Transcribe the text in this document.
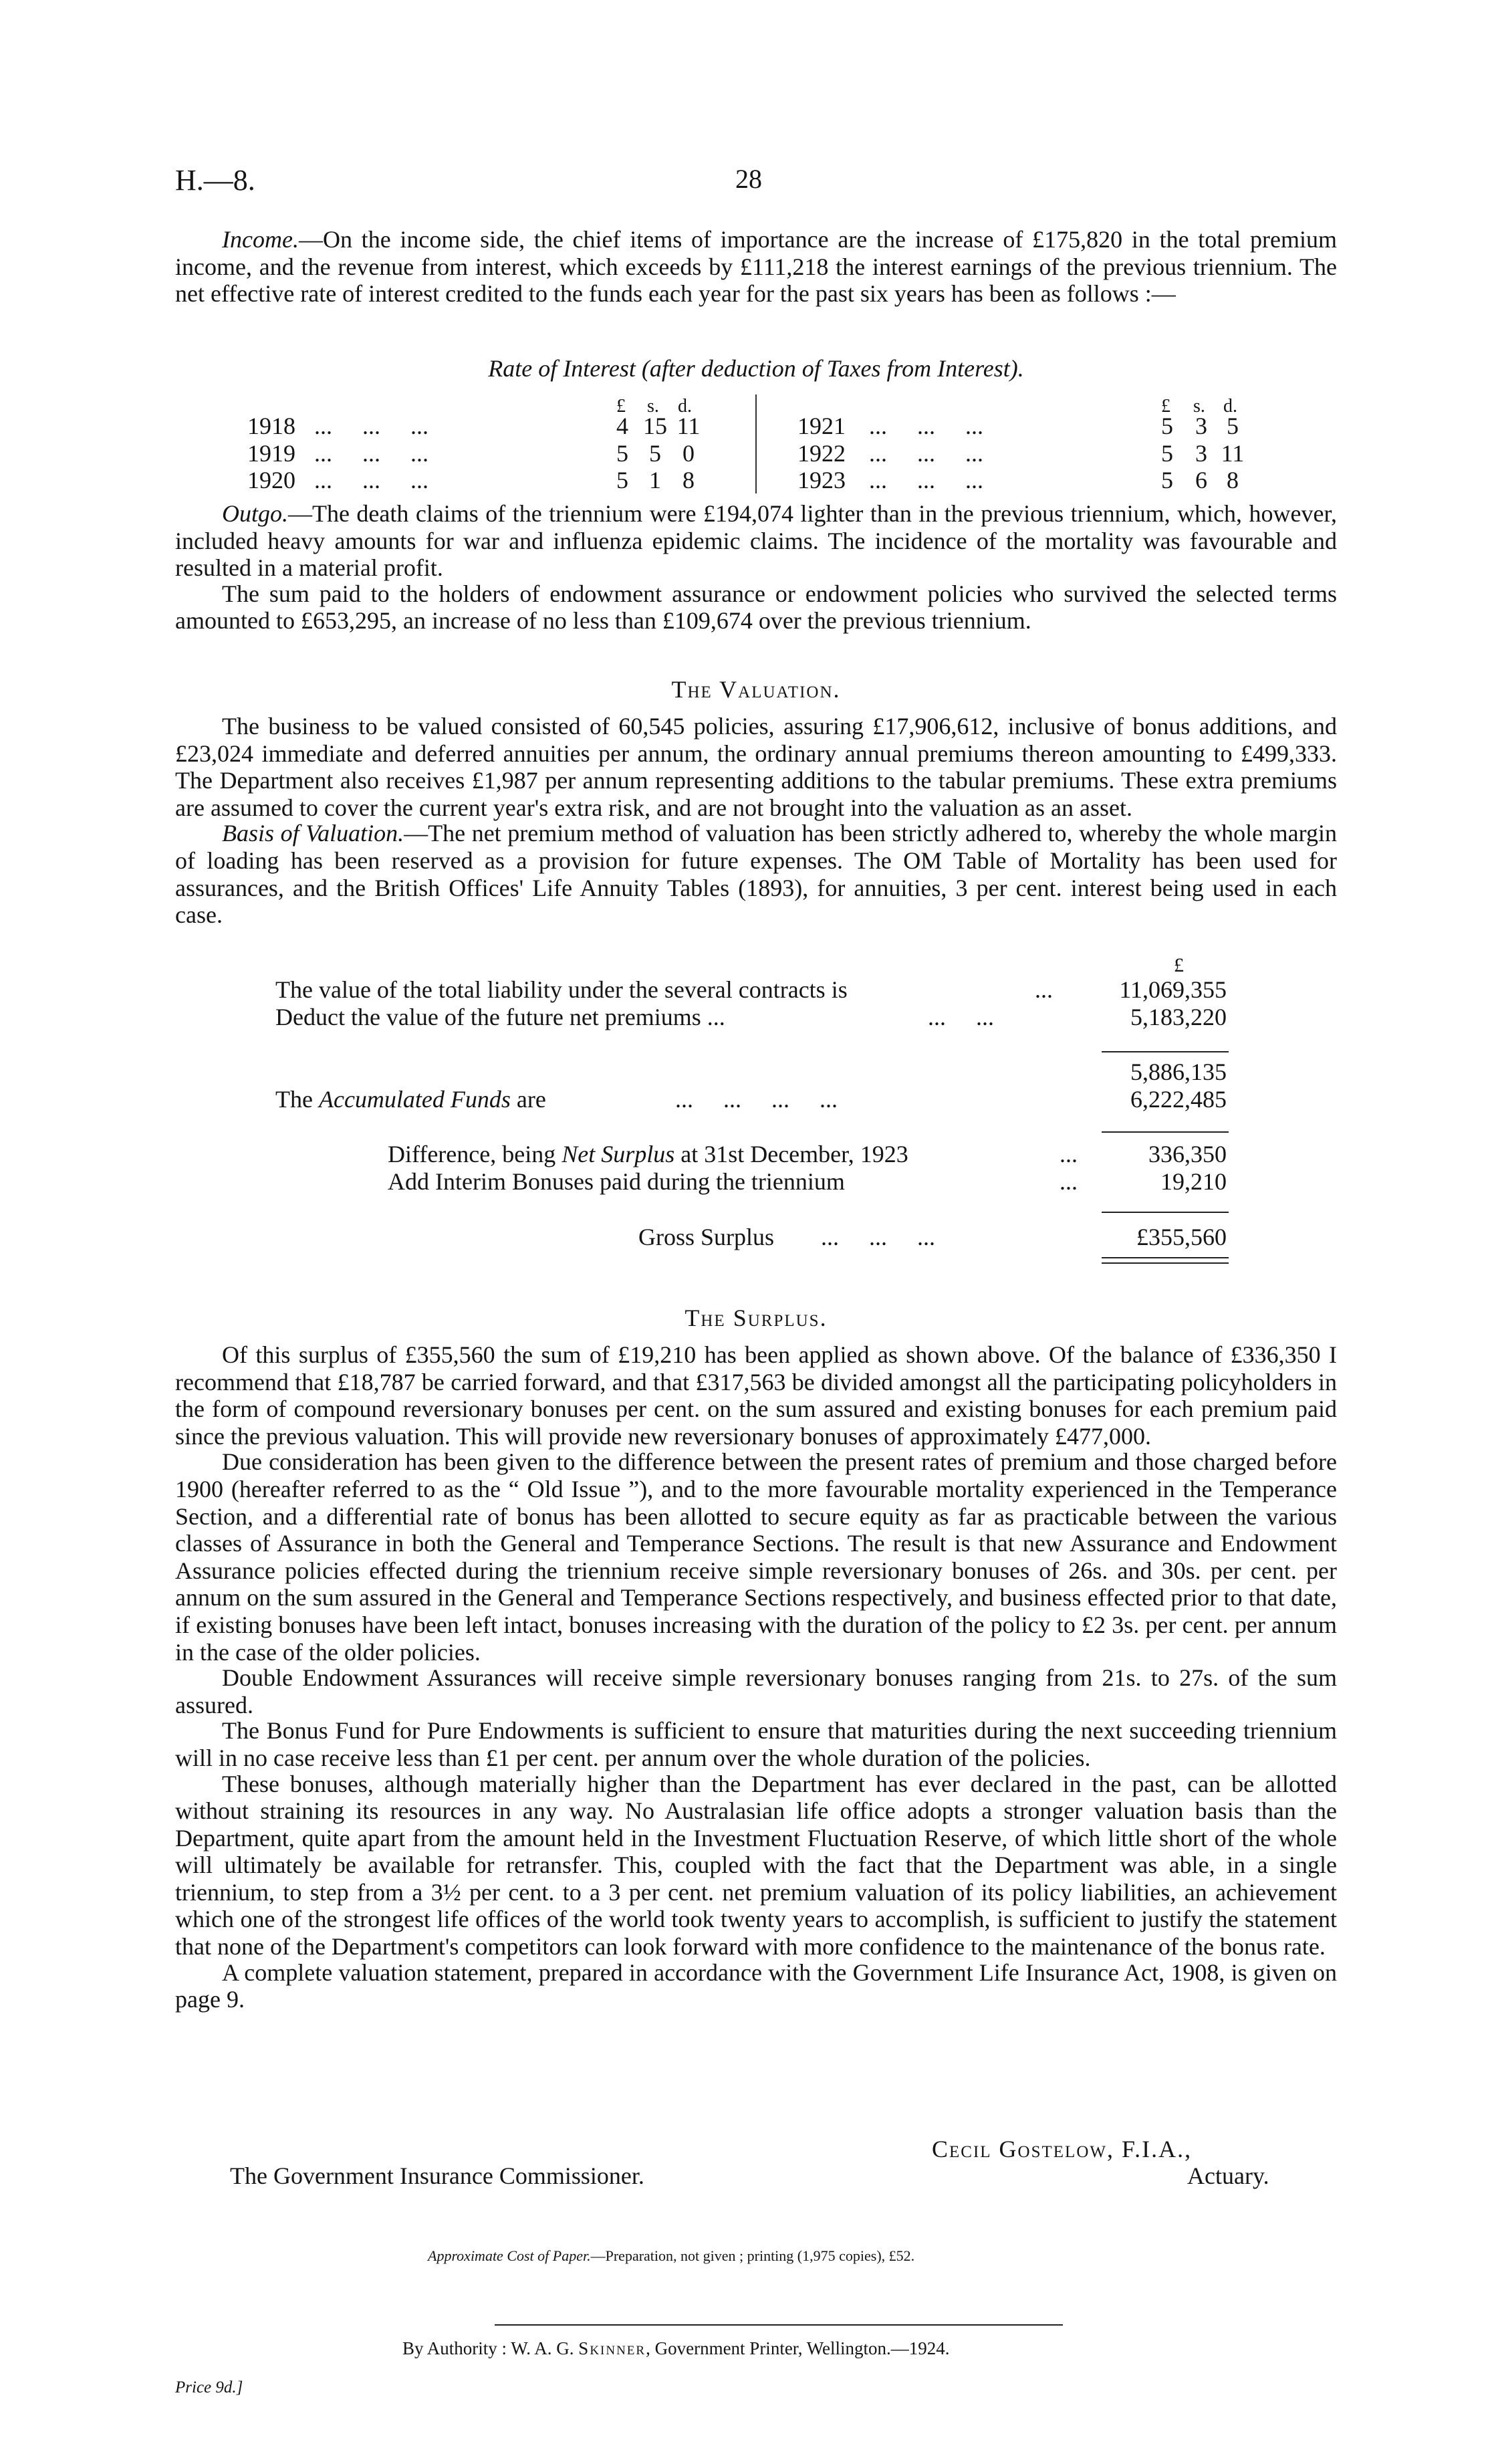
H.—8.	28

Income.—On the income side, the chief items of importance are the increase of £175,820 in the total premium income, and the revenue from interest, which exceeds by £111,218 the interest earnings of the previous triennium. The net effective rate of interest credited to the funds each year for the past six years has been as follows :—

Rate of Interest (after deduction of Taxes from Interest).
£ s. d.	£ s. d.
1918 ...     ...     ...	4 15 11
1919 ...     ...     ...	5 5 0
1920 ...     ...     ...	5 1 8
1921 ...     ...     ...	5 3 5
1922 ...     ...     ...	5 3 11
1923 ...     ...     ...	5 6 8

Outgo.—The death claims of the triennium were £194,074 lighter than in the previous triennium, which, however, included heavy amounts for war and influenza epidemic claims. The incidence of the mortality was favourable and resulted in a material profit.

The sum paid to the holders of endowment assurance or endowment policies who survived the selected terms amounted to £653,295, an increase of no less than £109,674 over the previous triennium.

The Valuation.

The business to be valued consisted of 60,545 policies, assuring £17,906,612, inclusive of bonus additions, and £23,024 immediate and deferred annuities per annum, the ordinary annual premiums thereon amounting to £499,333. The Department also receives £1,987 per annum representing additions to the tabular premiums. These extra premiums are assumed to cover the current year's extra risk, and are not brought into the valuation as an asset.

Basis of Valuation.—The net premium method of valuation has been strictly adhered to, whereby the whole margin of loading has been reserved as a provision for future expenses. The OM Table of Mortality has been used for assurances, and the British Offices' Life Annuity Tables (1893), for annuities, 3 per cent. interest being used in each case.

£
The value of the total liability under the several contracts is	...	11,069,355
Deduct the value of the future net premiums ...	...     ...	5,183,220
5,886,135
The Accumulated Funds are	...     ...     ...     ...	6,222,485
Difference, being Net Surplus at 31st December, 1923	...	336,350
Add Interim Bonuses paid during the triennium	...	19,210
Gross Surplus ...     ...     ...	£355,560
The Surplus.

Of this surplus of £355,560 the sum of £19,210 has been applied as shown above. Of the balance of £336,350 I recommend that £18,787 be carried forward, and that £317,563 be divided amongst all the participating policyholders in the form of compound reversionary bonuses per cent. on the sum assured and existing bonuses for each premium paid since the previous valuation. This will provide new reversionary bonuses of approximately £477,000.

Due consideration has been given to the difference between the present rates of premium and those charged before 1900 (hereafter referred to as the “ Old Issue ”), and to the more favourable mortality experienced in the Temperance Section, and a differential rate of bonus has been allotted to secure equity as far as practicable between the various classes of Assurance in both the General and Temperance Sections. The result is that new Assurance and Endowment Assurance policies effected during the triennium receive simple reversionary bonuses of 26s. and 30s. per cent. per annum on the sum assured in the General and Temperance Sections respectively, and business effected prior to that date, if existing bonuses have been left intact, bonuses increasing with the duration of the policy to £2 3s. per cent. per annum in the case of the older policies.

Double Endowment Assurances will receive simple reversionary bonuses ranging from 21s. to 27s. of the sum assured.

The Bonus Fund for Pure Endowments is sufficient to ensure that maturities during the next succeeding triennium will in no case receive less than £1 per cent. per annum over the whole duration of the policies.

These bonuses, although materially higher than the Department has ever declared in the past, can be allotted without straining its resources in any way. No Australasian life office adopts a stronger valuation basis than the Department, quite apart from the amount held in the Investment Fluctuation Reserve, of which little short of the whole will ultimately be available for retransfer. This, coupled with the fact that the Department was able, in a single triennium, to step from a 3½ per cent. to a 3 per cent. net premium valuation of its policy liabilities, an achievement which one of the strongest life offices of the world took twenty years to accomplish, is sufficient to justify the statement that none of the Department's competitors can look forward with more confidence to the maintenance of the bonus rate.

A complete valuation statement, prepared in accordance with the Government Life Insurance Act, 1908, is given on page 9.

Cecil Gostelow, F.I.A.,
The Government Insurance Commissioner.	Actuary.
Approximate Cost of Paper.—Preparation, not given ; printing (1,975 copies), £52.
By Authority : W. A. G. Skinner, Government Printer, Wellington.—1924.
Price 9d.]
